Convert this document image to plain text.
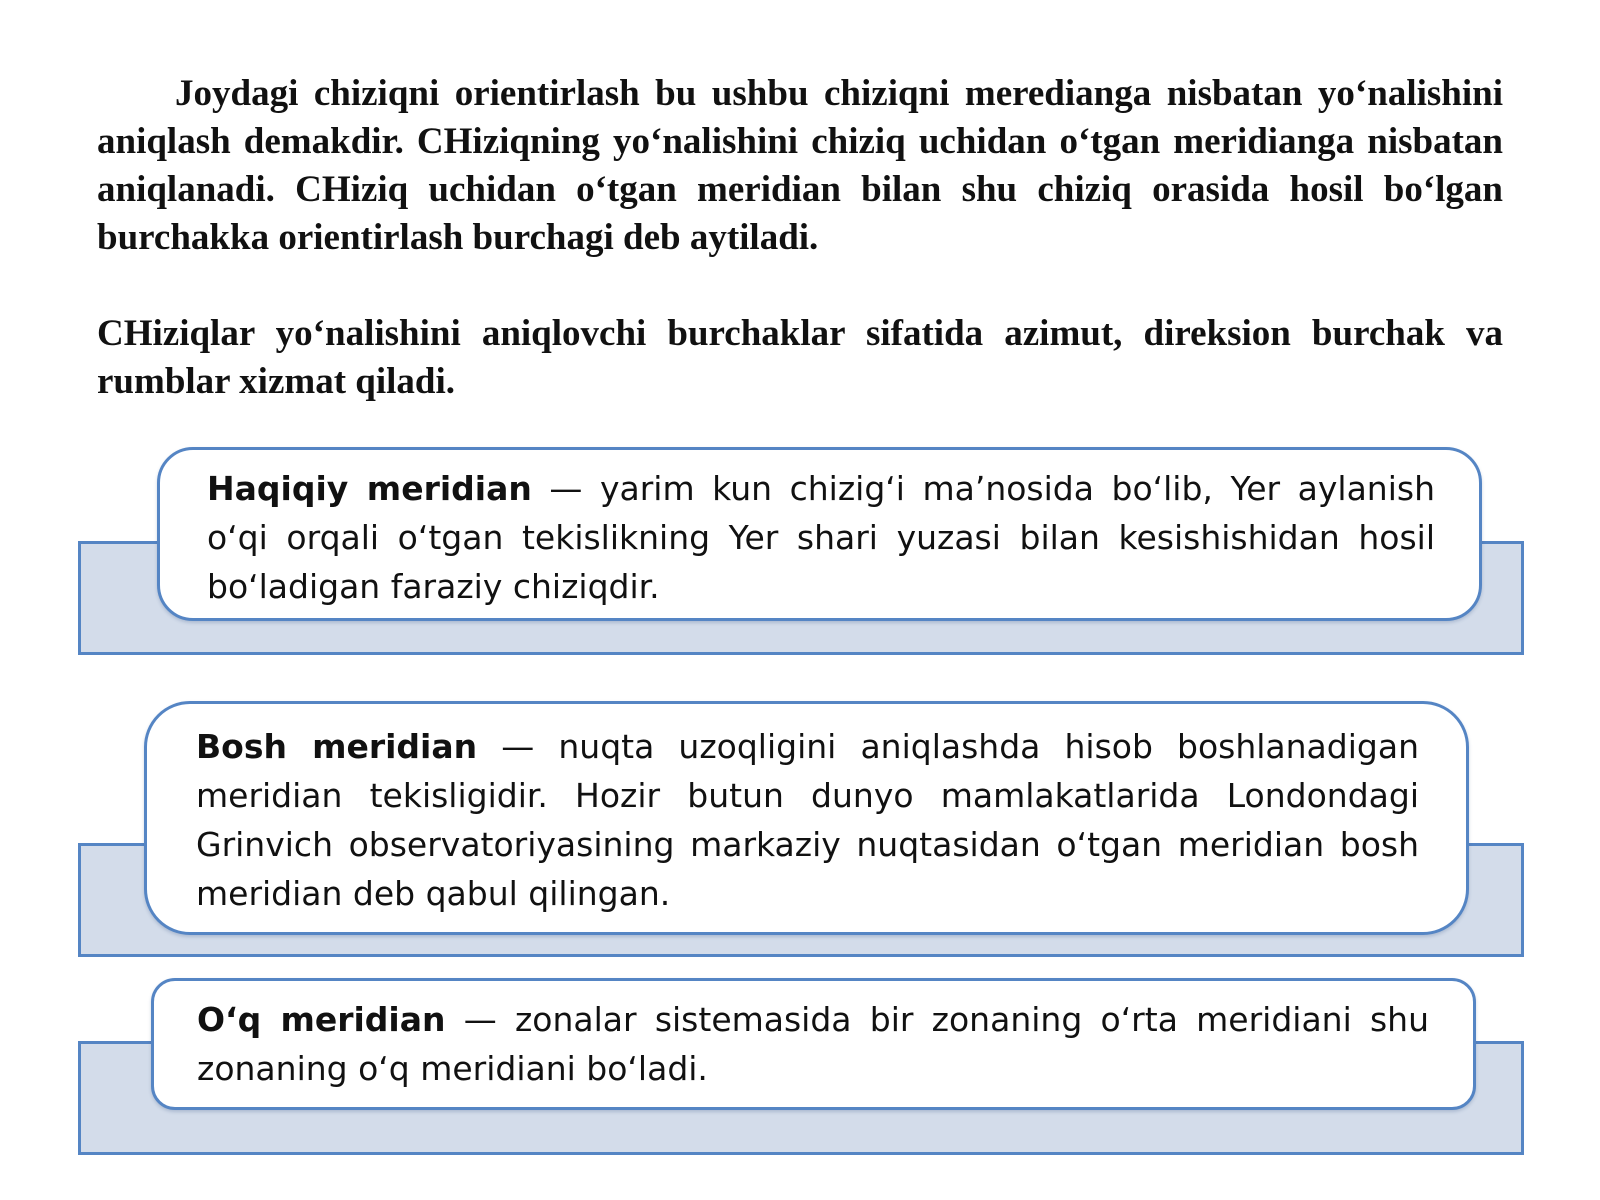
Joydagi chiziqni orientirlash bu ushbu chiziqni meredianga nisbatan yo‘nalishini aniqlash demakdir. CHiziqning yo‘nalishini chiziq uchidan o‘tgan meridianga nisbatan aniqlanadi. CHiziq uchidan o‘tgan meridian bilan shu chiziq orasida hosil bo‘lgan burchakka orientirlash burchagi deb aytiladi.

CHiziqlar yo‘nalishini aniqlovchi burchaklar sifatida azimut, direksion burchak va rumblar xizmat qiladi.

Haqiqiy meridian — yarim kun chizig‘i ma’nosida bo‘lib, Yer aylanish o‘qi orqali o‘tgan tekislikning Yer shari yuzasi bilan kesishishidan hosil bo‘ladigan faraziy chiziqdir.

Bosh meridian — nuqta uzoqligini aniqlashda hisob boshlanadigan meridian tekisligidir. Hozir butun dunyo mamlakatlarida Londondagi Grinvich observatoriyasining markaziy nuqtasidan o‘tgan meridian bosh meridian deb qabul qilingan.

O‘q meridian — zonalar sistemasida bir zonaning o‘rta meridiani shu zonaning o‘q meridiani bo‘ladi.
